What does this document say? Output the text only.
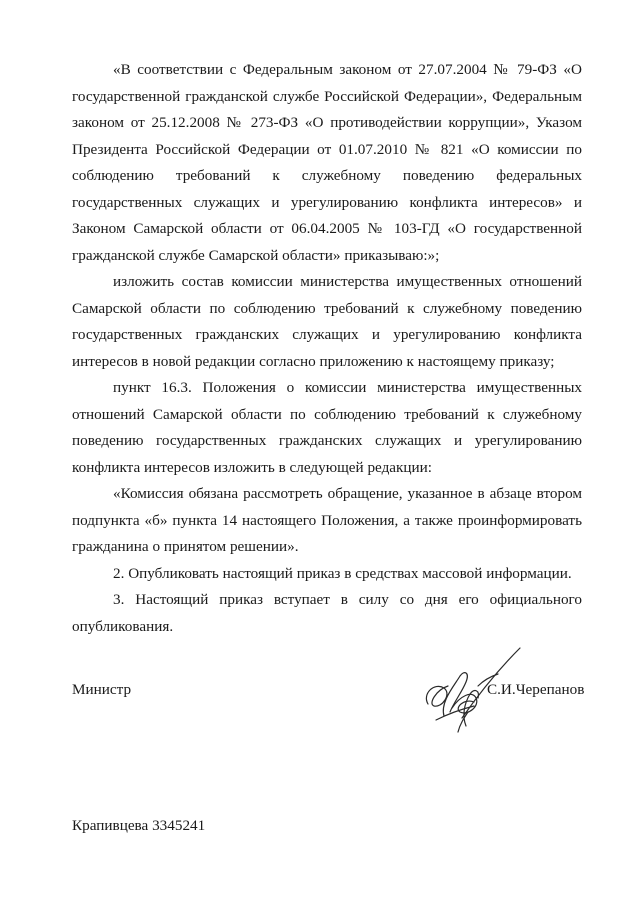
«В соответствии с Федеральным законом от 27.07.2004 № 79-ФЗ «О государственной гражданской службе Российской Федерации», Федеральным законом от 25.12.2008 № 273-ФЗ «О противодействии коррупции», Указом Президента Российской Федерации от 01.07.2010 № 821 «О комиссии по соблюдению требований к служебному поведению федеральных государственных служащих и урегулированию конфликта интересов» и Законом Самарской области от 06.04.2005 № 103-ГД «О государственной гражданской службе Самарской области» приказываю:»;

изложить состав комиссии министерства имущественных отношений Самарской области по соблюдению требований к служебному поведению государственных гражданских служащих и урегулированию конфликта интересов в новой редакции согласно приложению к настоящему приказу;

пункт 16.3. Положения о комиссии министерства имущественных отношений Самарской области по соблюдению требований к служебному поведению государственных гражданских служащих и урегулированию конфликта интересов изложить в следующей редакции:

«Комиссия обязана рассмотреть обращение, указанное в абзаце втором подпункта «б» пункта 14 настоящего Положения, а также проинформировать гражданина о принятом решении».

2. Опубликовать настоящий приказ в средствах массовой информации.

3. Настоящий приказ вступает в силу со дня его официального опубликования.

Министр	С.И.Черепанов
Крапивцева 3345241
